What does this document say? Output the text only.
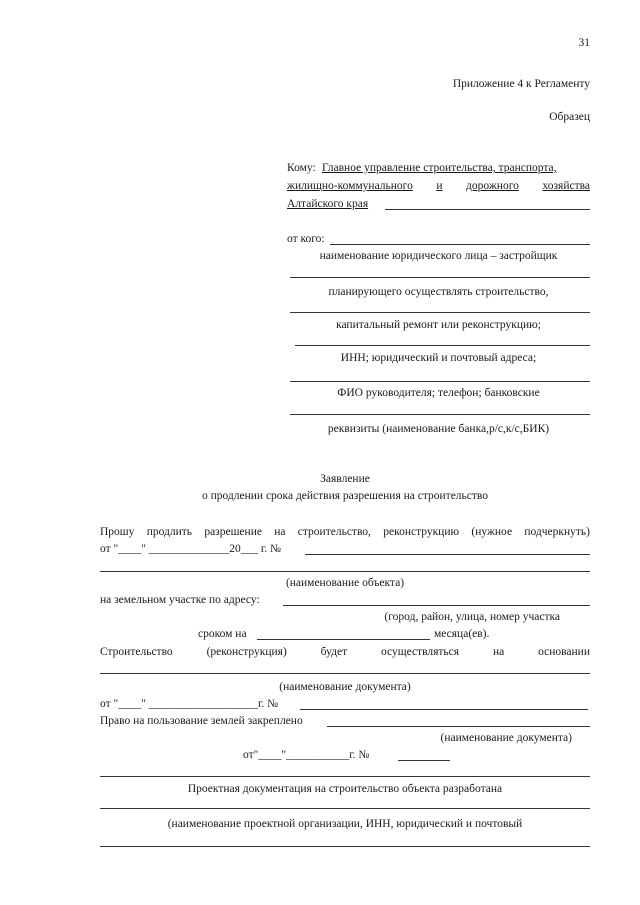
31
Приложение 4 к Регламенту
Образец
Кому: Главное управление строительства, транспорта,
жилищно-коммунального и дорожного хозяйства
Алтайского края
от кого:
наименование юридического лица – застройщик
планирующего осуществлять строительство,
капитальный ремонт или реконструкцию;
ИНН; юридический и почтовый адреса;
ФИО руководителя; телефон; банковские
реквизиты (наименование банка,р/с,к/с,БИК)
Заявление
о продлении срока действия разрешения на строительство
Прошу продлить разрешение на строительство, реконструкцию (нужное подчеркнуть)
от "____" ______________20___ г. №
(наименование объекта)
на земельном участке по адресу:
(город, район, улица, номер участка
сроком на	месяца(ев).
Строительство	(реконструкция)	будет	осуществляться	на	основании
(наименование документа)
от "____" ___________________г. №
Право на пользование землей закреплено
(наименование документа)
от"____"___________г. №
Проектная документация на строительство объекта разработана
(наименование проектной организации, ИНН, юридический и почтовый
